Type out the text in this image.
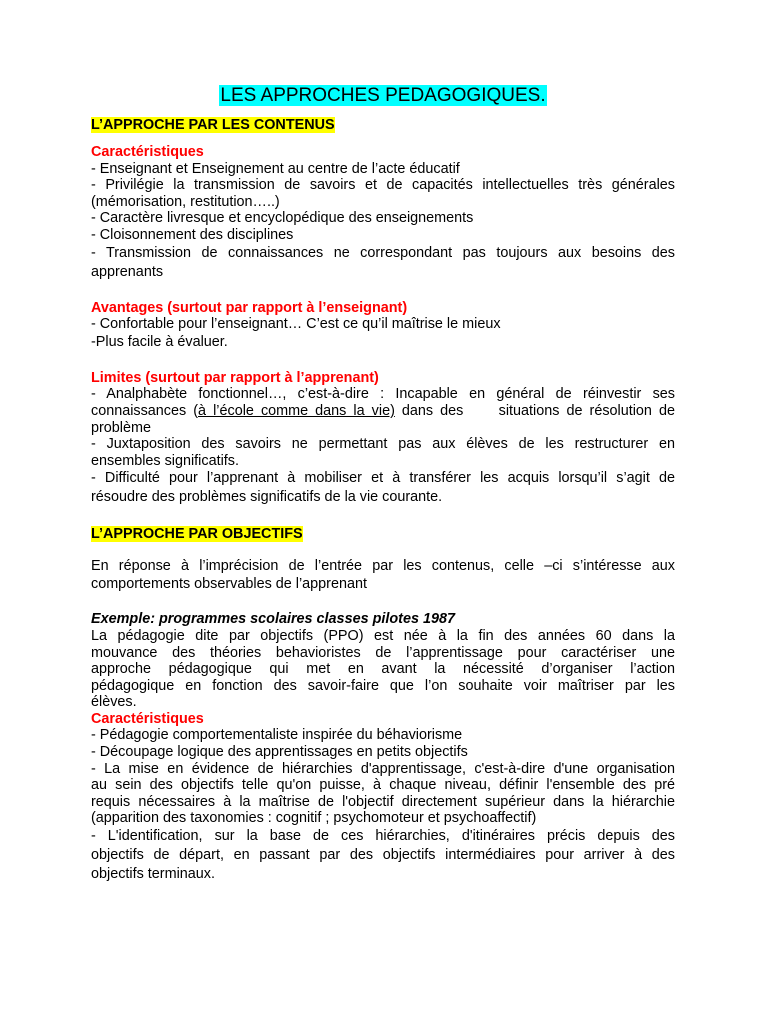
LES APPROCHES PEDAGOGIQUES.

L’APPROCHE PAR LES CONTENUS

Caractéristiques

- Enseignant et Enseignement au centre de l’acte éducatif

- Privilégie la transmission de savoirs et de capacités intellectuelles très générales

(mémorisation, restitution…..)

- Caractère livresque et encyclopédique des enseignements

- Cloisonnement des disciplines

- Transmission de connaissances ne correspondant pas toujours aux besoins des

apprenants

Avantages (surtout par rapport à l’enseignant)

- Confortable pour l’enseignant… C’est ce qu’il maîtrise le mieux

-Plus facile à évaluer.

Limites (surtout par rapport à l’apprenant)

- Analphabète fonctionnel…, c’est-à-dire : Incapable en général de réinvestir ses

connaissances (à l’école comme dans la vie) dans des     situations de résolution de

problème

- Juxtaposition des savoirs ne permettant pas aux élèves de les restructurer en

ensembles significatifs.

- Difficulté pour l’apprenant à mobiliser et à transférer les acquis lorsqu’il s’agit de

résoudre des problèmes significatifs de la vie courante.

L’APPROCHE PAR OBJECTIFS

En réponse à l’imprécision de l’entrée par les contenus, celle –ci s’intéresse aux

comportements observables de l’apprenant

Exemple: programmes scolaires classes pilotes 1987

La pédagogie dite par objectifs (PPO) est née à la fin des années 60 dans la

mouvance des théories behavioristes de l’apprentissage pour caractériser une

approche pédagogique qui met en avant la nécessité d’organiser l’action

pédagogique en fonction des savoir-faire que l’on souhaite voir maîtriser par les

élèves.

Caractéristiques

- Pédagogie comportementaliste inspirée du béhaviorisme

- Découpage logique des apprentissages en petits objectifs

- La mise en évidence de hiérarchies d'apprentissage, c'est-à-dire d'une organisation

au sein des objectifs telle qu'on puisse, à chaque niveau, définir l'ensemble des pré

requis nécessaires à la maîtrise de l'objectif directement supérieur dans la hiérarchie

(apparition des taxonomies : cognitif ; psychomoteur et psychoaffectif)

- L'identification, sur la base de ces hiérarchies, d'itinéraires précis depuis des

objectifs de départ, en passant par des objectifs intermédiaires pour arriver à des

objectifs terminaux.
